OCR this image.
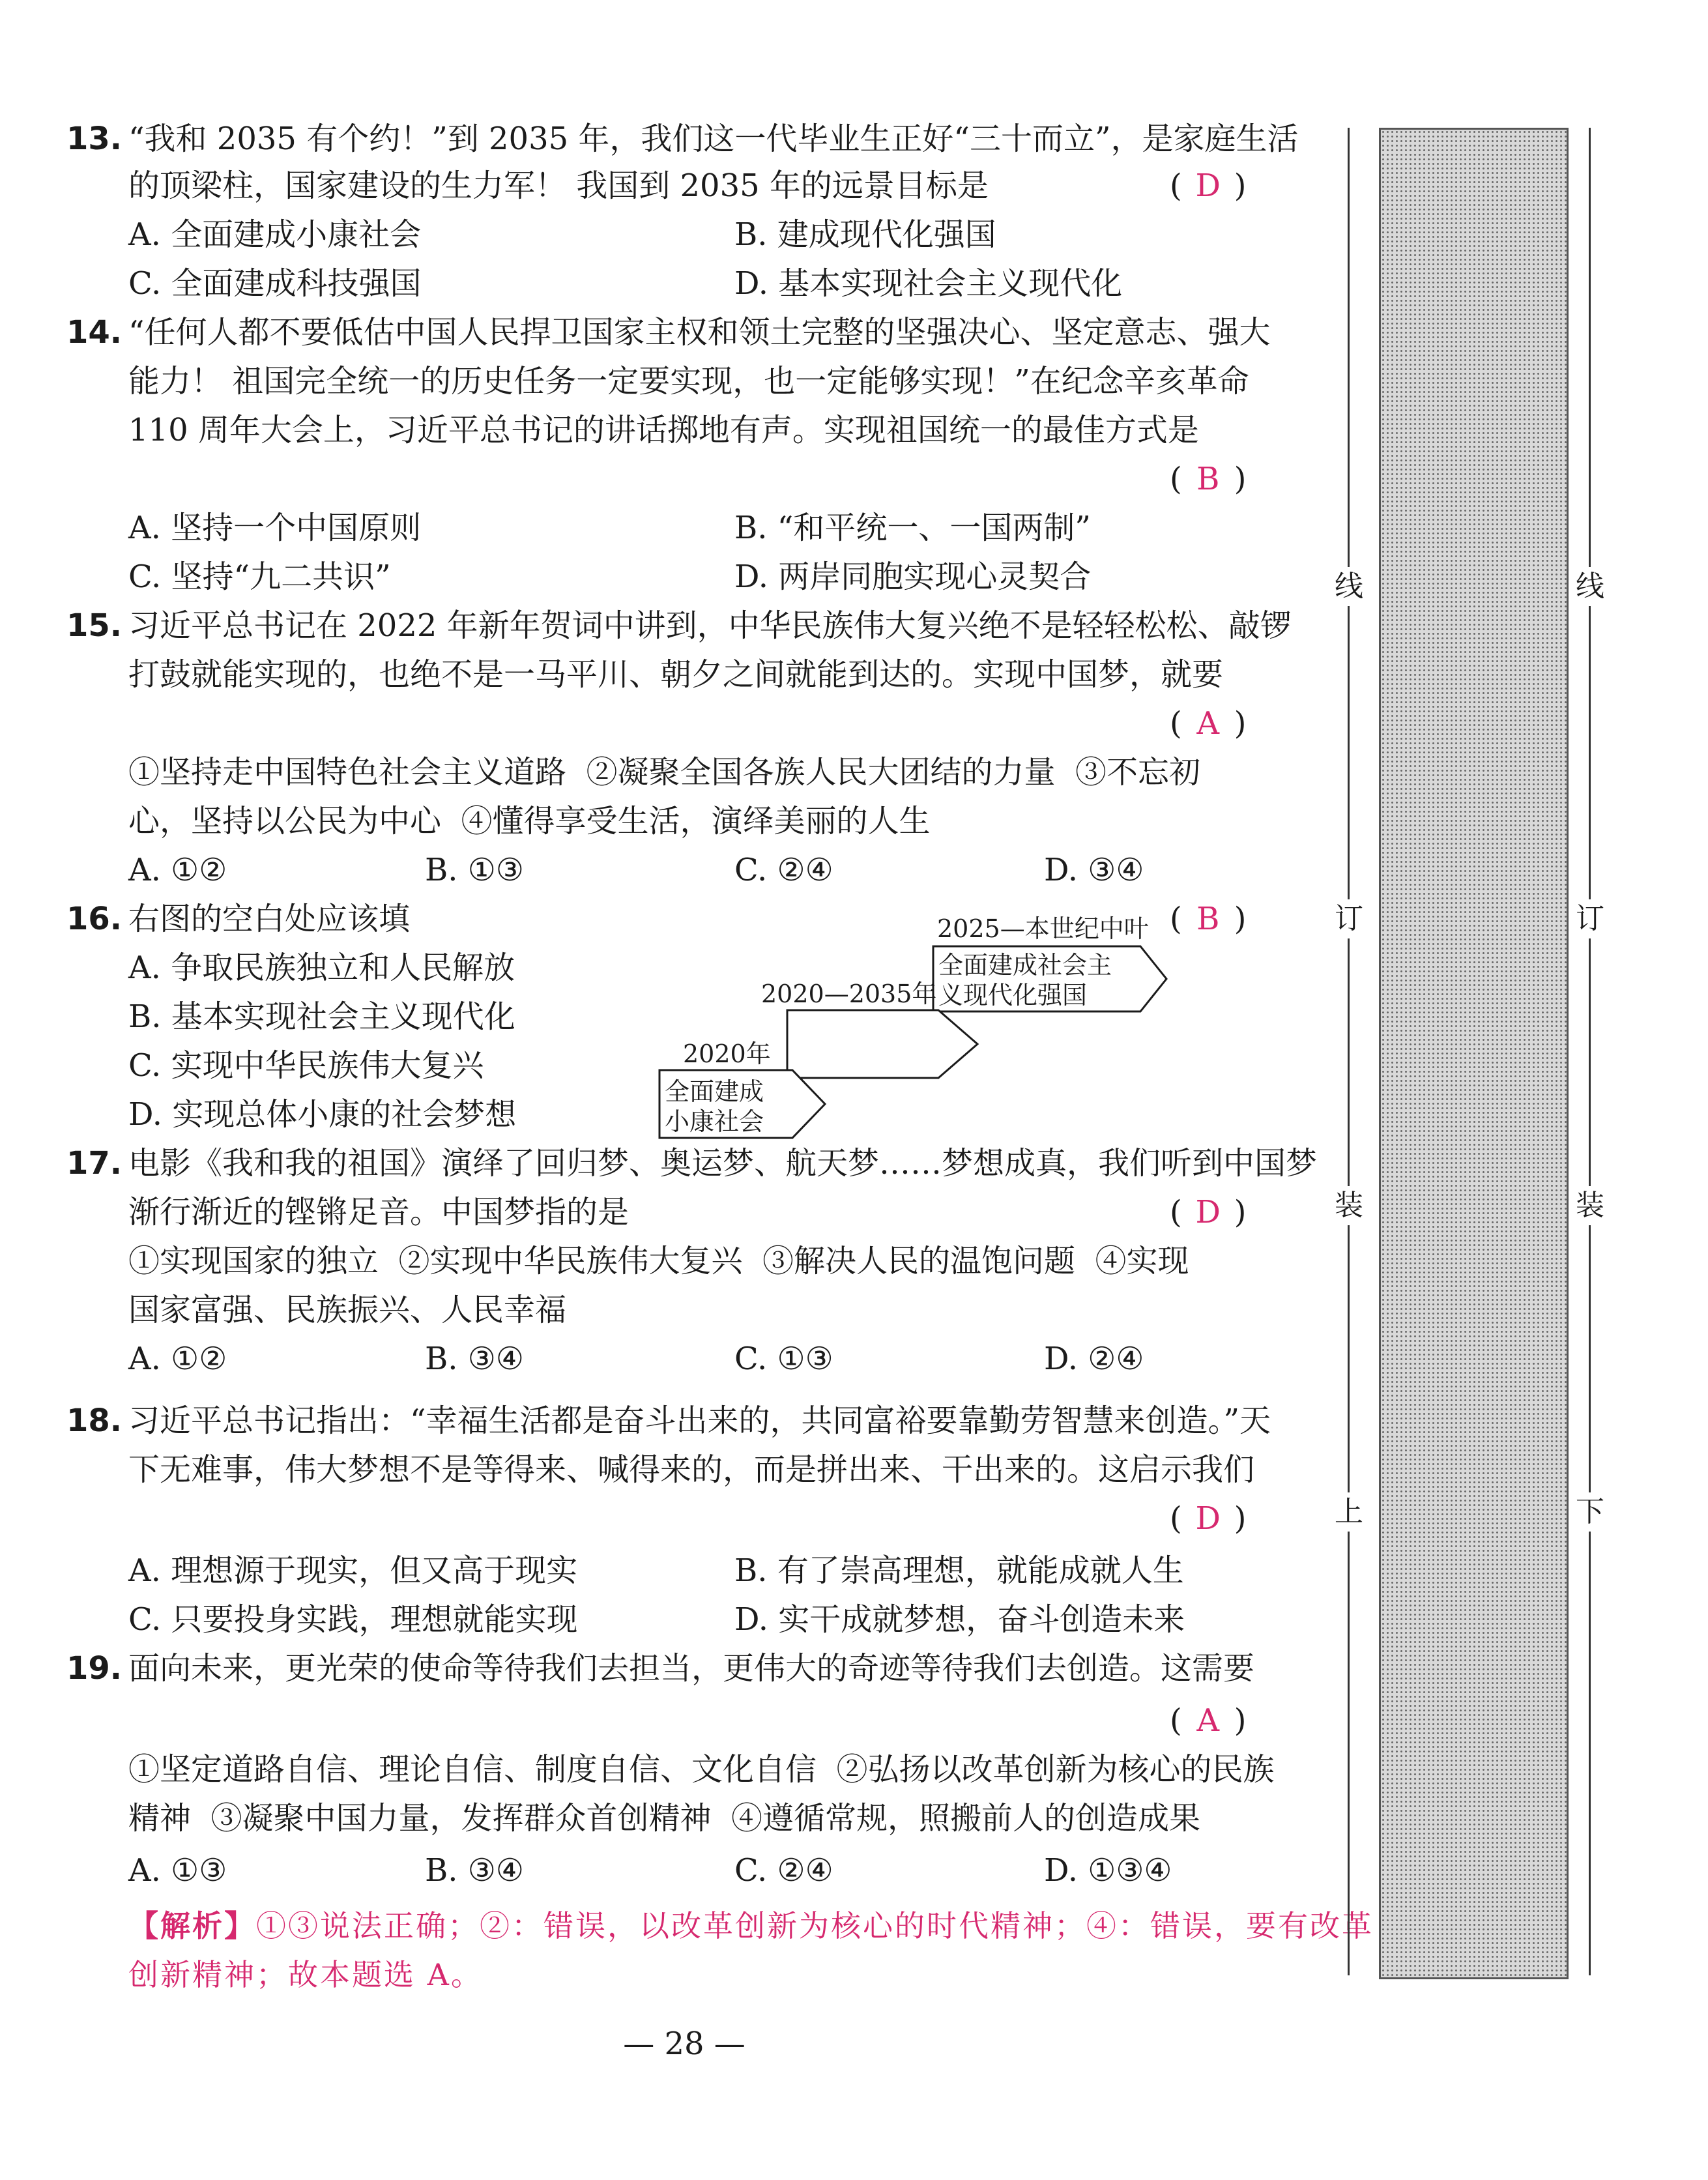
13. “我和 2035 有个约！”到 2035 年，我们这一代毕业生正好“三十而立”，是家庭生活
的顶梁柱，国家建设的生力军！ 我国到 2035 年的远景目标是	( D )
A. 全面建成小康社会	B. 建成现代化强国
C. 全面建成科技强国	D. 基本实现社会主义现代化
14. “任何人都不要低估中国人民捍卫国家主权和领土完整的坚强决心、坚定意志、强大
能力！ 祖国完全统一的历史任务一定要实现，也一定能够实现！”在纪念辛亥革命
110 周年大会上，习近平总书记的讲话掷地有声。实现祖国统一的最佳方式是
( B )
A. 坚持一个中国原则	B. “和平统一、一国两制”
C. 坚持“九二共识”	D. 两岸同胞实现心灵契合
15. 习近平总书记在 2022 年新年贺词中讲到，中华民族伟大复兴绝不是轻轻松松、敲锣
打鼓就能实现的，也绝不是一马平川、朝夕之间就能到达的。实现中国梦，就要
( A )
①坚持走中国特色社会主义道路  ②凝聚全国各族人民大团结的力量  ③不忘初
心，坚持以公民为中心  ④懂得享受生活，演绎美丽的人生
A. ①②	B. ①③	C. ②④	D. ③④
16. 右图的空白处应该填	( B )
A. 争取民族独立和人民解放
B. 基本实现社会主义现代化
C. 实现中华民族伟大复兴
D. 实现总体小康的社会梦想
2020年
全面建成
小康社会
2020—2035年
2025—本世纪中叶
全面建成社会主
义现代化强国
17. 电影《我和我的祖国》演绎了回归梦、奥运梦、航天梦……梦想成真，我们听到中国梦
渐行渐近的铿锵足音。中国梦指的是	( D )
①实现国家的独立  ②实现中华民族伟大复兴  ③解决人民的温饱问题  ④实现
国家富强、民族振兴、人民幸福
A. ①②	B. ③④	C. ①③	D. ②④
18. 习近平总书记指出：“幸福生活都是奋斗出来的，共同富裕要靠勤劳智慧来创造。”天
下无难事，伟大梦想不是等得来、喊得来的，而是拼出来、干出来的。这启示我们
( D )
A. 理想源于现实，但又高于现实	B. 有了崇高理想，就能成就人生
C. 只要投身实践，理想就能实现	D. 实干成就梦想，奋斗创造未来
19. 面向未来，更光荣的使命等待我们去担当，更伟大的奇迹等待我们去创造。这需要
( A )
①坚定道路自信、理论自信、制度自信、文化自信  ②弘扬以改革创新为核心的民族
精神  ③凝聚中国力量，发挥群众首创精神  ④遵循常规，照搬前人的创造成果
A. ①③	B. ③④	C. ②④	D. ①③④
【解析】①③说法正确；②：错误，以改革创新为核心的时代精神；④：错误，要有改革
创新精神；故本题选 A。
— 28 —
线
订
装
上
线
订
装
下
